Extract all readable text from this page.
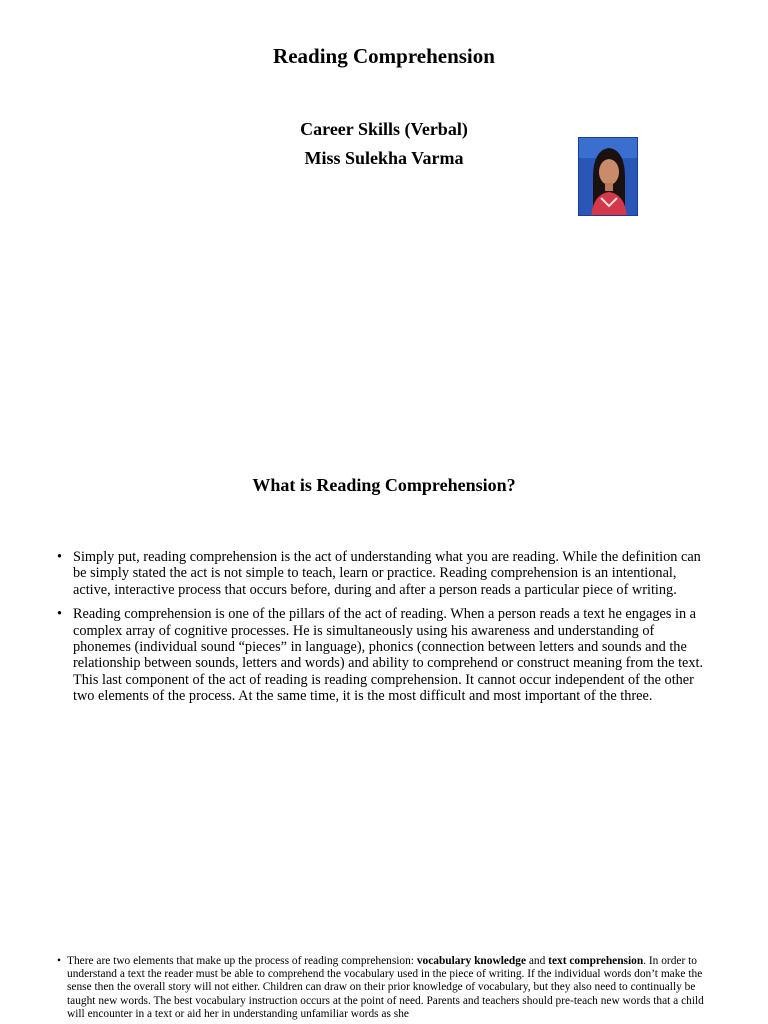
Reading Comprehension
Career Skills (Verbal)
Miss Sulekha Varma
What is Reading Comprehension?
• Simply put, reading comprehension is the act of understanding what you are reading. While the definition can be simply stated the act is not simple to teach, learn or practice. Reading comprehension is an intentional, active, interactive process that occurs before, during and after a person reads a particular piece of writing.
• Reading comprehension is one of the pillars of the act of reading. When a person reads a text he engages in a complex array of cognitive processes. He is simultaneously using his awareness and understanding of phonemes (individual sound “pieces” in language), phonics (connection between letters and sounds and the relationship between sounds, letters and words) and ability to comprehend or construct meaning from the text. This last component of the act of reading is reading comprehension. It cannot occur independent of the other two elements of the process. At the same time, it is the most difficult and most important of the three.
• There are two elements that make up the process of reading comprehension: vocabulary knowledge and text comprehension. In order to understand a text the reader must be able to comprehend the vocabulary used in the piece of writing. If the individual words don’t make the sense then the overall story will not either. Children can draw on their prior knowledge of vocabulary, but they also need to continually be taught new words. The best vocabulary instruction occurs at the point of need. Parents and teachers should pre-teach new words that a child will encounter in a text or aid her in understanding unfamiliar words as she
